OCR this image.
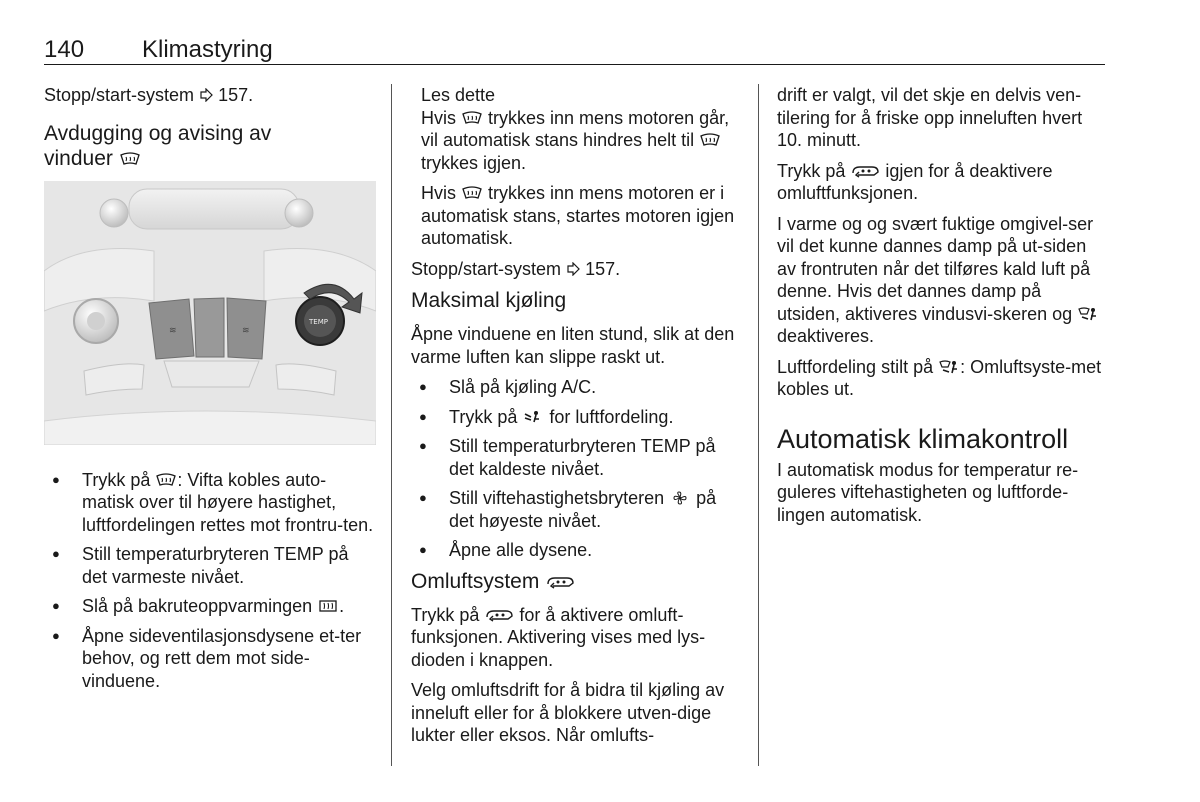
140 Klimastyring

Stopp/start-system 157.

Avdugging og avising av
vinduer
≋	≋
TEMP
● Trykk på : Vifta kobles auto-matisk over til høyere hastighet, luftfordelingen rettes mot frontru-ten.
● Still temperaturbryteren TEMP på det varmeste nivået.
● Slå på bakruteoppvarmingen .
● Åpne sideventilasjonsdysene et-ter behov, og rett dem mot side-vinduene.

Les dette

Hvis trykkes inn mens motoren går, vil automatisk stans hindres helt til  trykkes igjen.

Hvis trykkes inn mens motoren er i automatisk stans, startes motoren igjen automatisk.

Stopp/start-system 157.

Maksimal kjøling

Åpne vinduene en liten stund, slik at den varme luften kan slippe raskt ut.

● Slå på kjøling A/C.
● Trykk på for luftfordeling.
● Still temperaturbryteren TEMP på det kaldeste nivået.
● Still viftehastighetsbryteren på det høyeste nivået.
● Åpne alle dysene.
Omluftsystem

Trykk på for å aktivere omluft-funksjonen. Aktivering vises med lys-dioden i knappen.

Velg omluftsdrift for å bidra til kjøling av inneluft eller for å blokkere utven-dige lukter eller eksos. Når omlufts-

drift er valgt, vil det skje en delvis ven-tilering for å friske opp inneluften hvert 10. minutt.

Trykk på igjen for å deaktivere omluftfunksjonen.

I varme og og svært fuktige omgivel-ser vil det kunne dannes damp på ut-siden av frontruten når det tilføres kald luft på denne. Hvis det dannes damp på utsiden, aktiveres vindusvi-skeren og  deaktiveres.

Luftfordeling stilt på : Omluftsyste-met kobles ut.

Automatisk klimakontroll

I automatisk modus for temperatur re-guleres viftehastigheten og luftforde-lingen automatisk.
